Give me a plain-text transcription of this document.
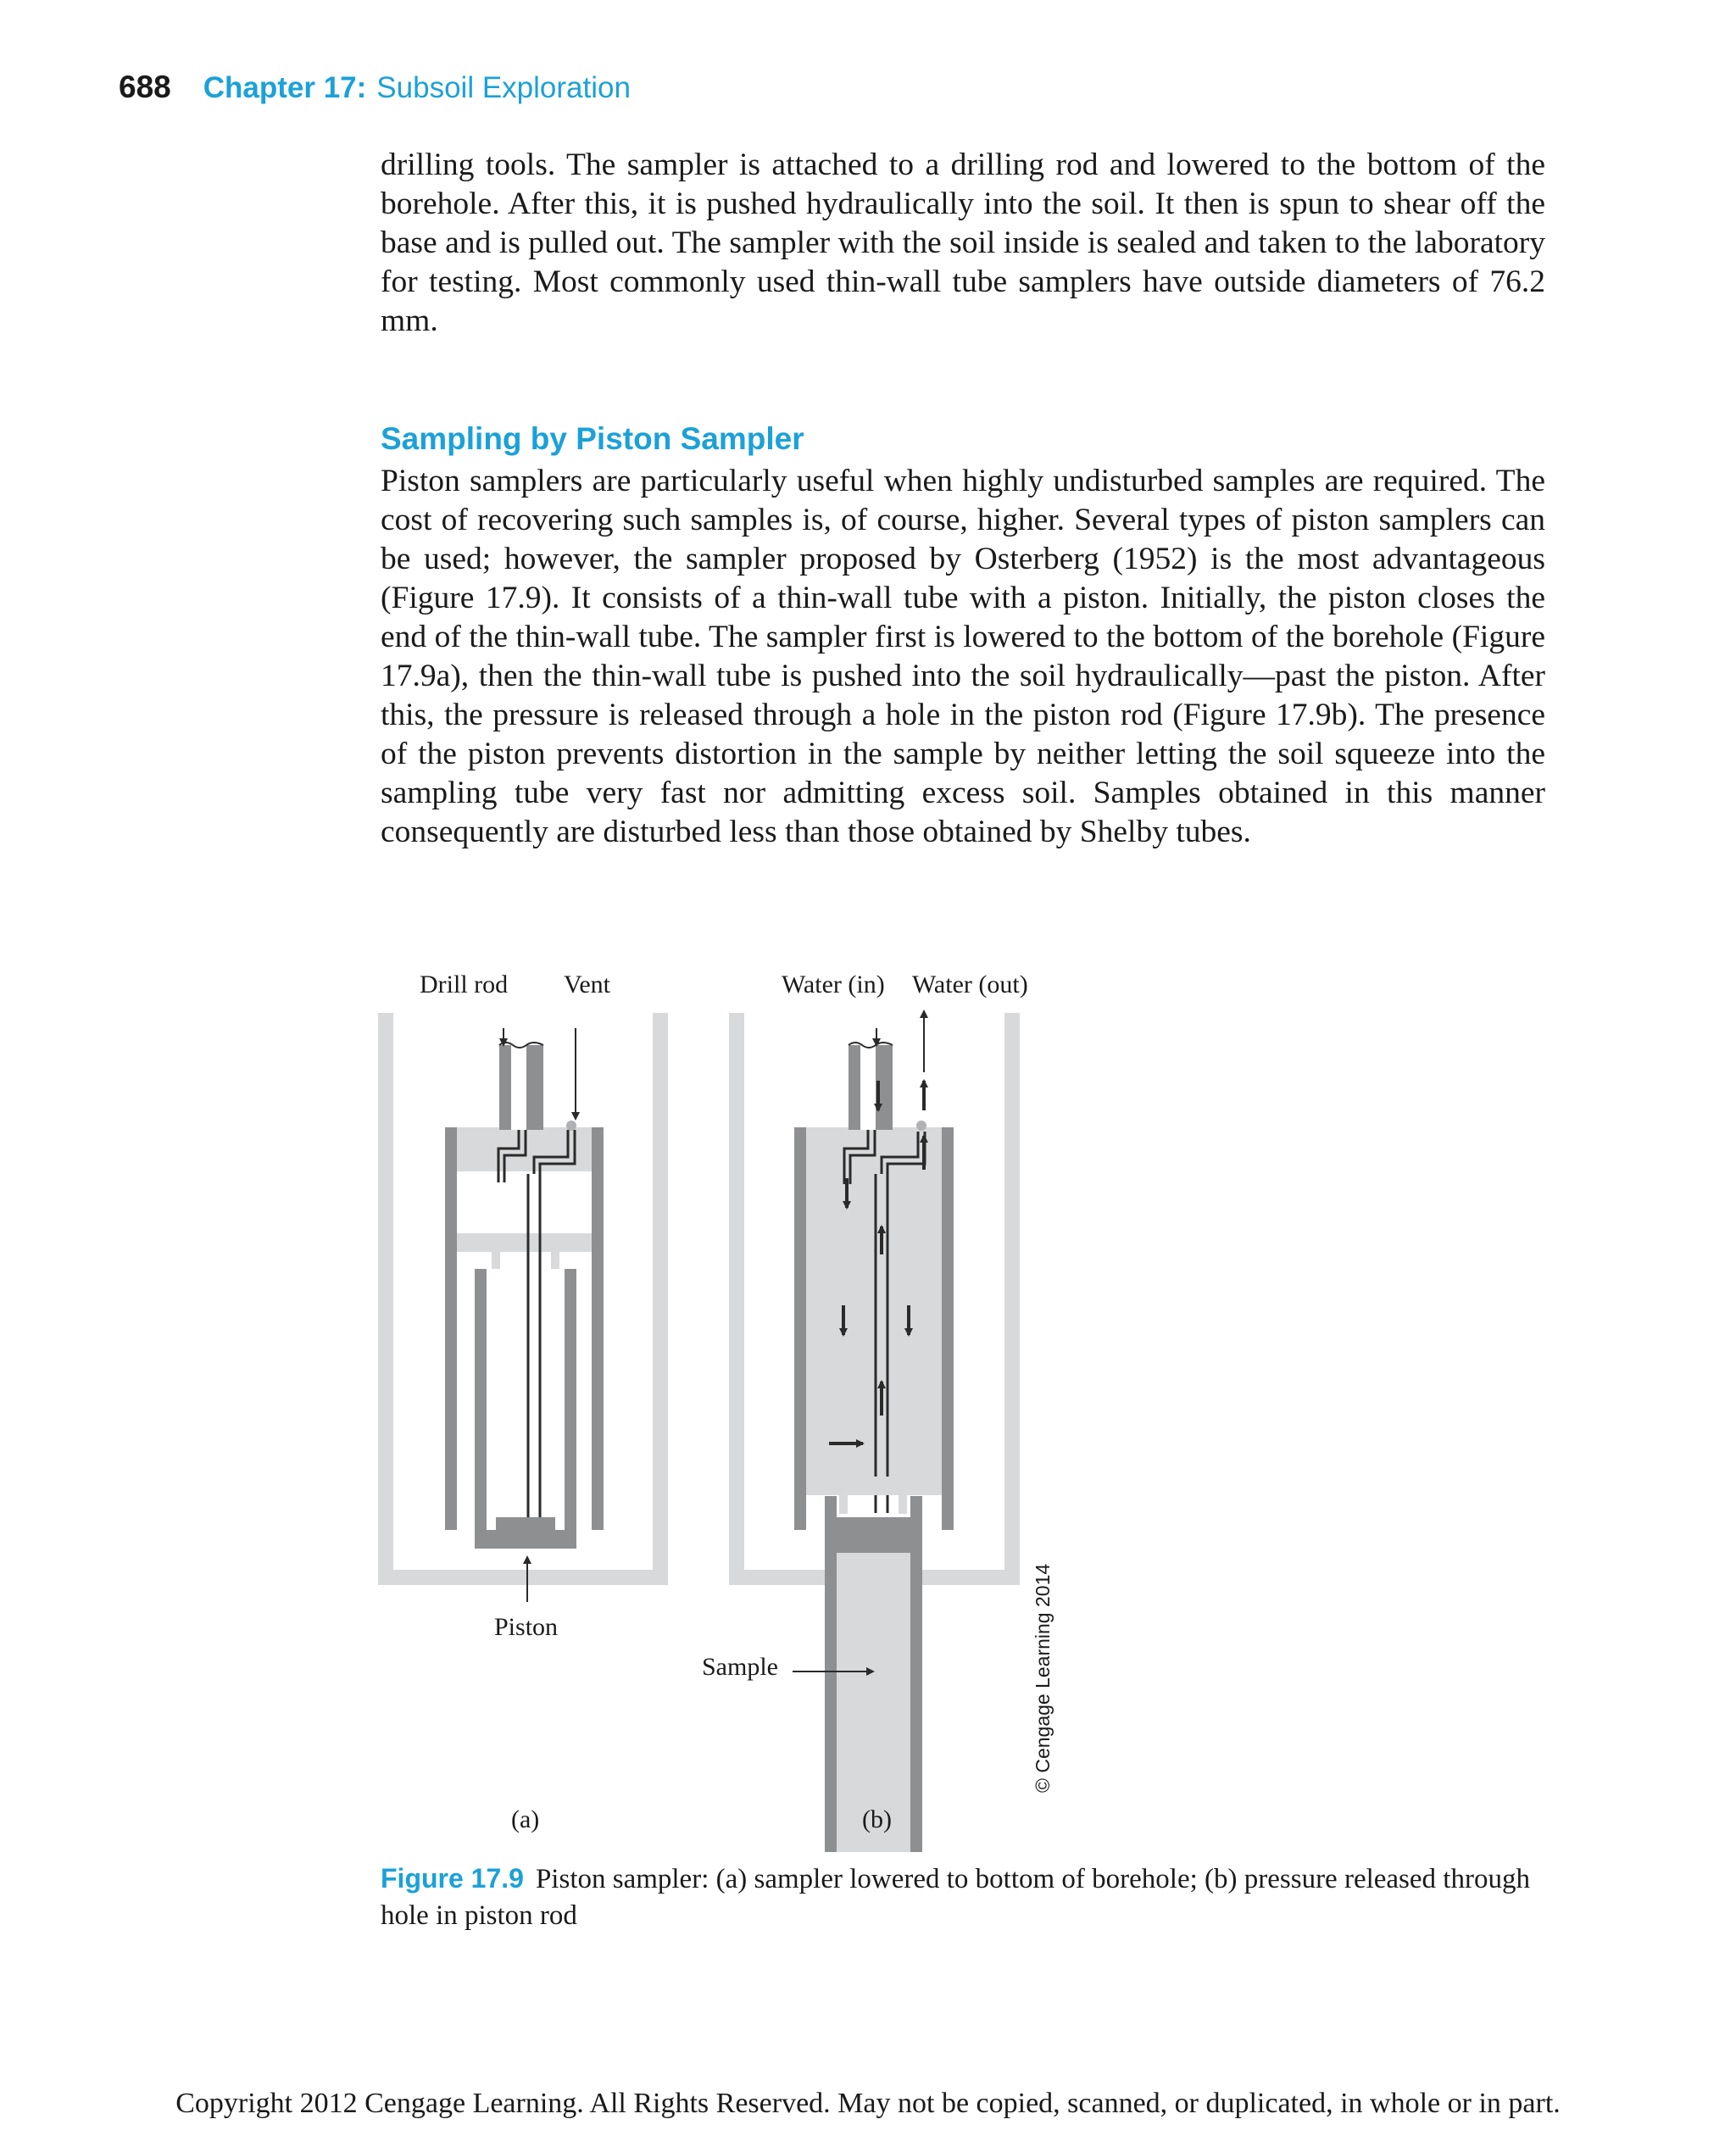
688 Chapter 17: Subsoil Exploration

drilling tools. The sampler is attached to a drilling rod and lowered to the bottom of the borehole. After this, it is pushed hydraulically into the soil. It then is spun to shear off the base and is pulled out. The sampler with the soil inside is sealed and taken to the laboratory for testing. Most commonly used thin-wall tube samplers have outside diameters of 76.2 mm.

Sampling by Piston Sampler

Piston samplers are particularly useful when highly undisturbed samples are required. The cost of recovering such samples is, of course, higher. Several types of piston samplers can be used; however, the sampler proposed by Osterberg (1952) is the most advantageous (Figure 17.9). It consists of a thin-wall tube with a piston. Initially, the piston closes the end of the thin-wall tube. The sampler first is lowered to the bottom of the borehole (Figure 17.9a), then the thin-wall tube is pushed into the soil hydraulically—past the piston. After this, the pressure is released through a hole in the piston rod (Figure 17.9b). The presence of the piston prevents distortion in the sample by neither letting the soil squeeze into the sampling tube very fast nor admitting excess soil. Samples obtained in this manner consequently are disturbed less than those obtained by Shelby tubes.

Drill rod Vent	Water (in) Water (out)
Piston
Sample
(a)	(b)
© Cengage Learning 2014
Figure 17.9 Piston sampler: (a) sampler lowered to bottom of borehole; (b) pressure released through hole in piston rod
Copyright 2012 Cengage Learning. All Rights Reserved. May not be copied, scanned, or duplicated, in whole or in part.
